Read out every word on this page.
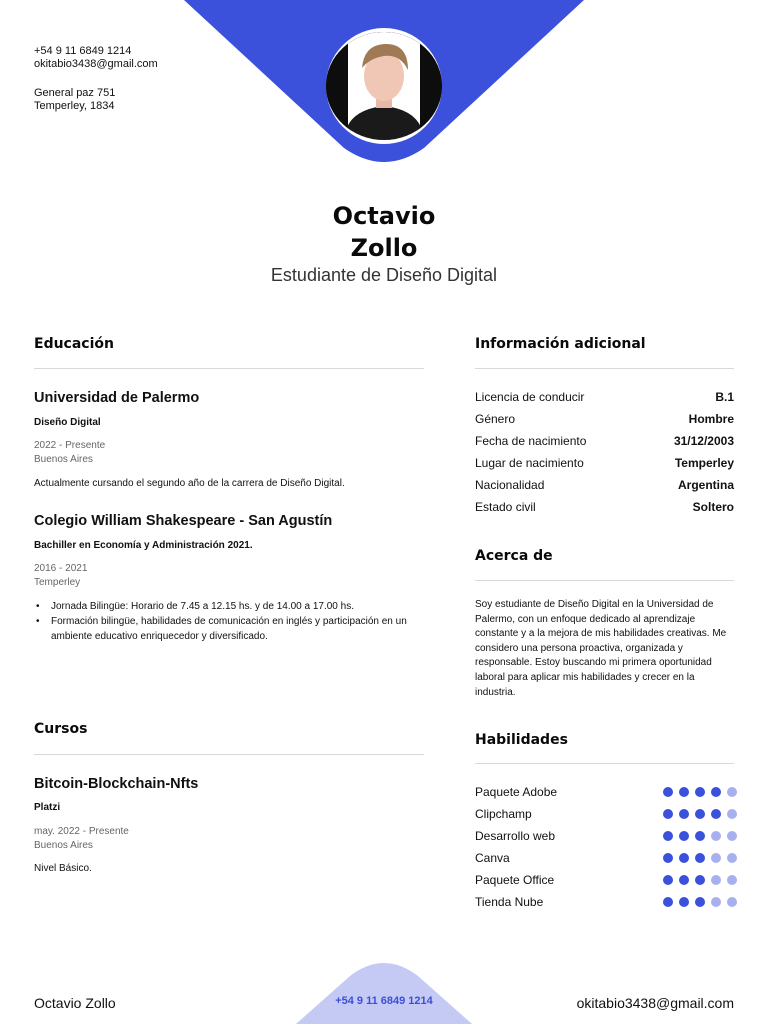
+54 9 11 6849 1214
okitabio3438@gmail.com
General paz 751
Temperley, 1834
Octavio
Zollo
Estudiante de Diseño Digital
Educación
Universidad de Palermo
Diseño Digital
2022 - Presente
Buenos Aires
Actualmente cursando el segundo año de la carrera de Diseño Digital.
Colegio William Shakespeare - San Agustín
Bachiller en Economía y Administración 2021.
2016 - 2021
Temperley
• Jornada Bilingüe: Horario de 7.45 a 12.15 hs. y de 14.00 a 17.00 hs.
• Formación bilingüe, habilidades de comunicación en inglés y participación en un ambiente educativo enriquecedor y diversificado.
Cursos
Bitcoin-Blockchain-Nfts
Platzi
may. 2022 - Presente
Buenos Aires
Nivel Básico.
Información adicional
Licencia de conducir	B.1
Género	Hombre
Fecha de nacimiento	31/12/2003
Lugar de nacimiento	Temperley
Nacionalidad	Argentina
Estado civil	Soltero
Acerca de
Soy estudiante de Diseño Digital en la Universidad de Palermo, con un enfoque dedicado al aprendizaje constante y a la mejora de mis habilidades creativas. Me considero una persona proactiva, organizada y responsable. Estoy buscando mi primera oportunidad laboral para aplicar mis habilidades y crecer en la industria.
Habilidades
Paquete Adobe
Clipchamp
Desarrollo web
Canva
Paquete Office
Tienda Nube
Octavio Zollo	+54 9 11 6849 1214	okitabio3438@gmail.com
